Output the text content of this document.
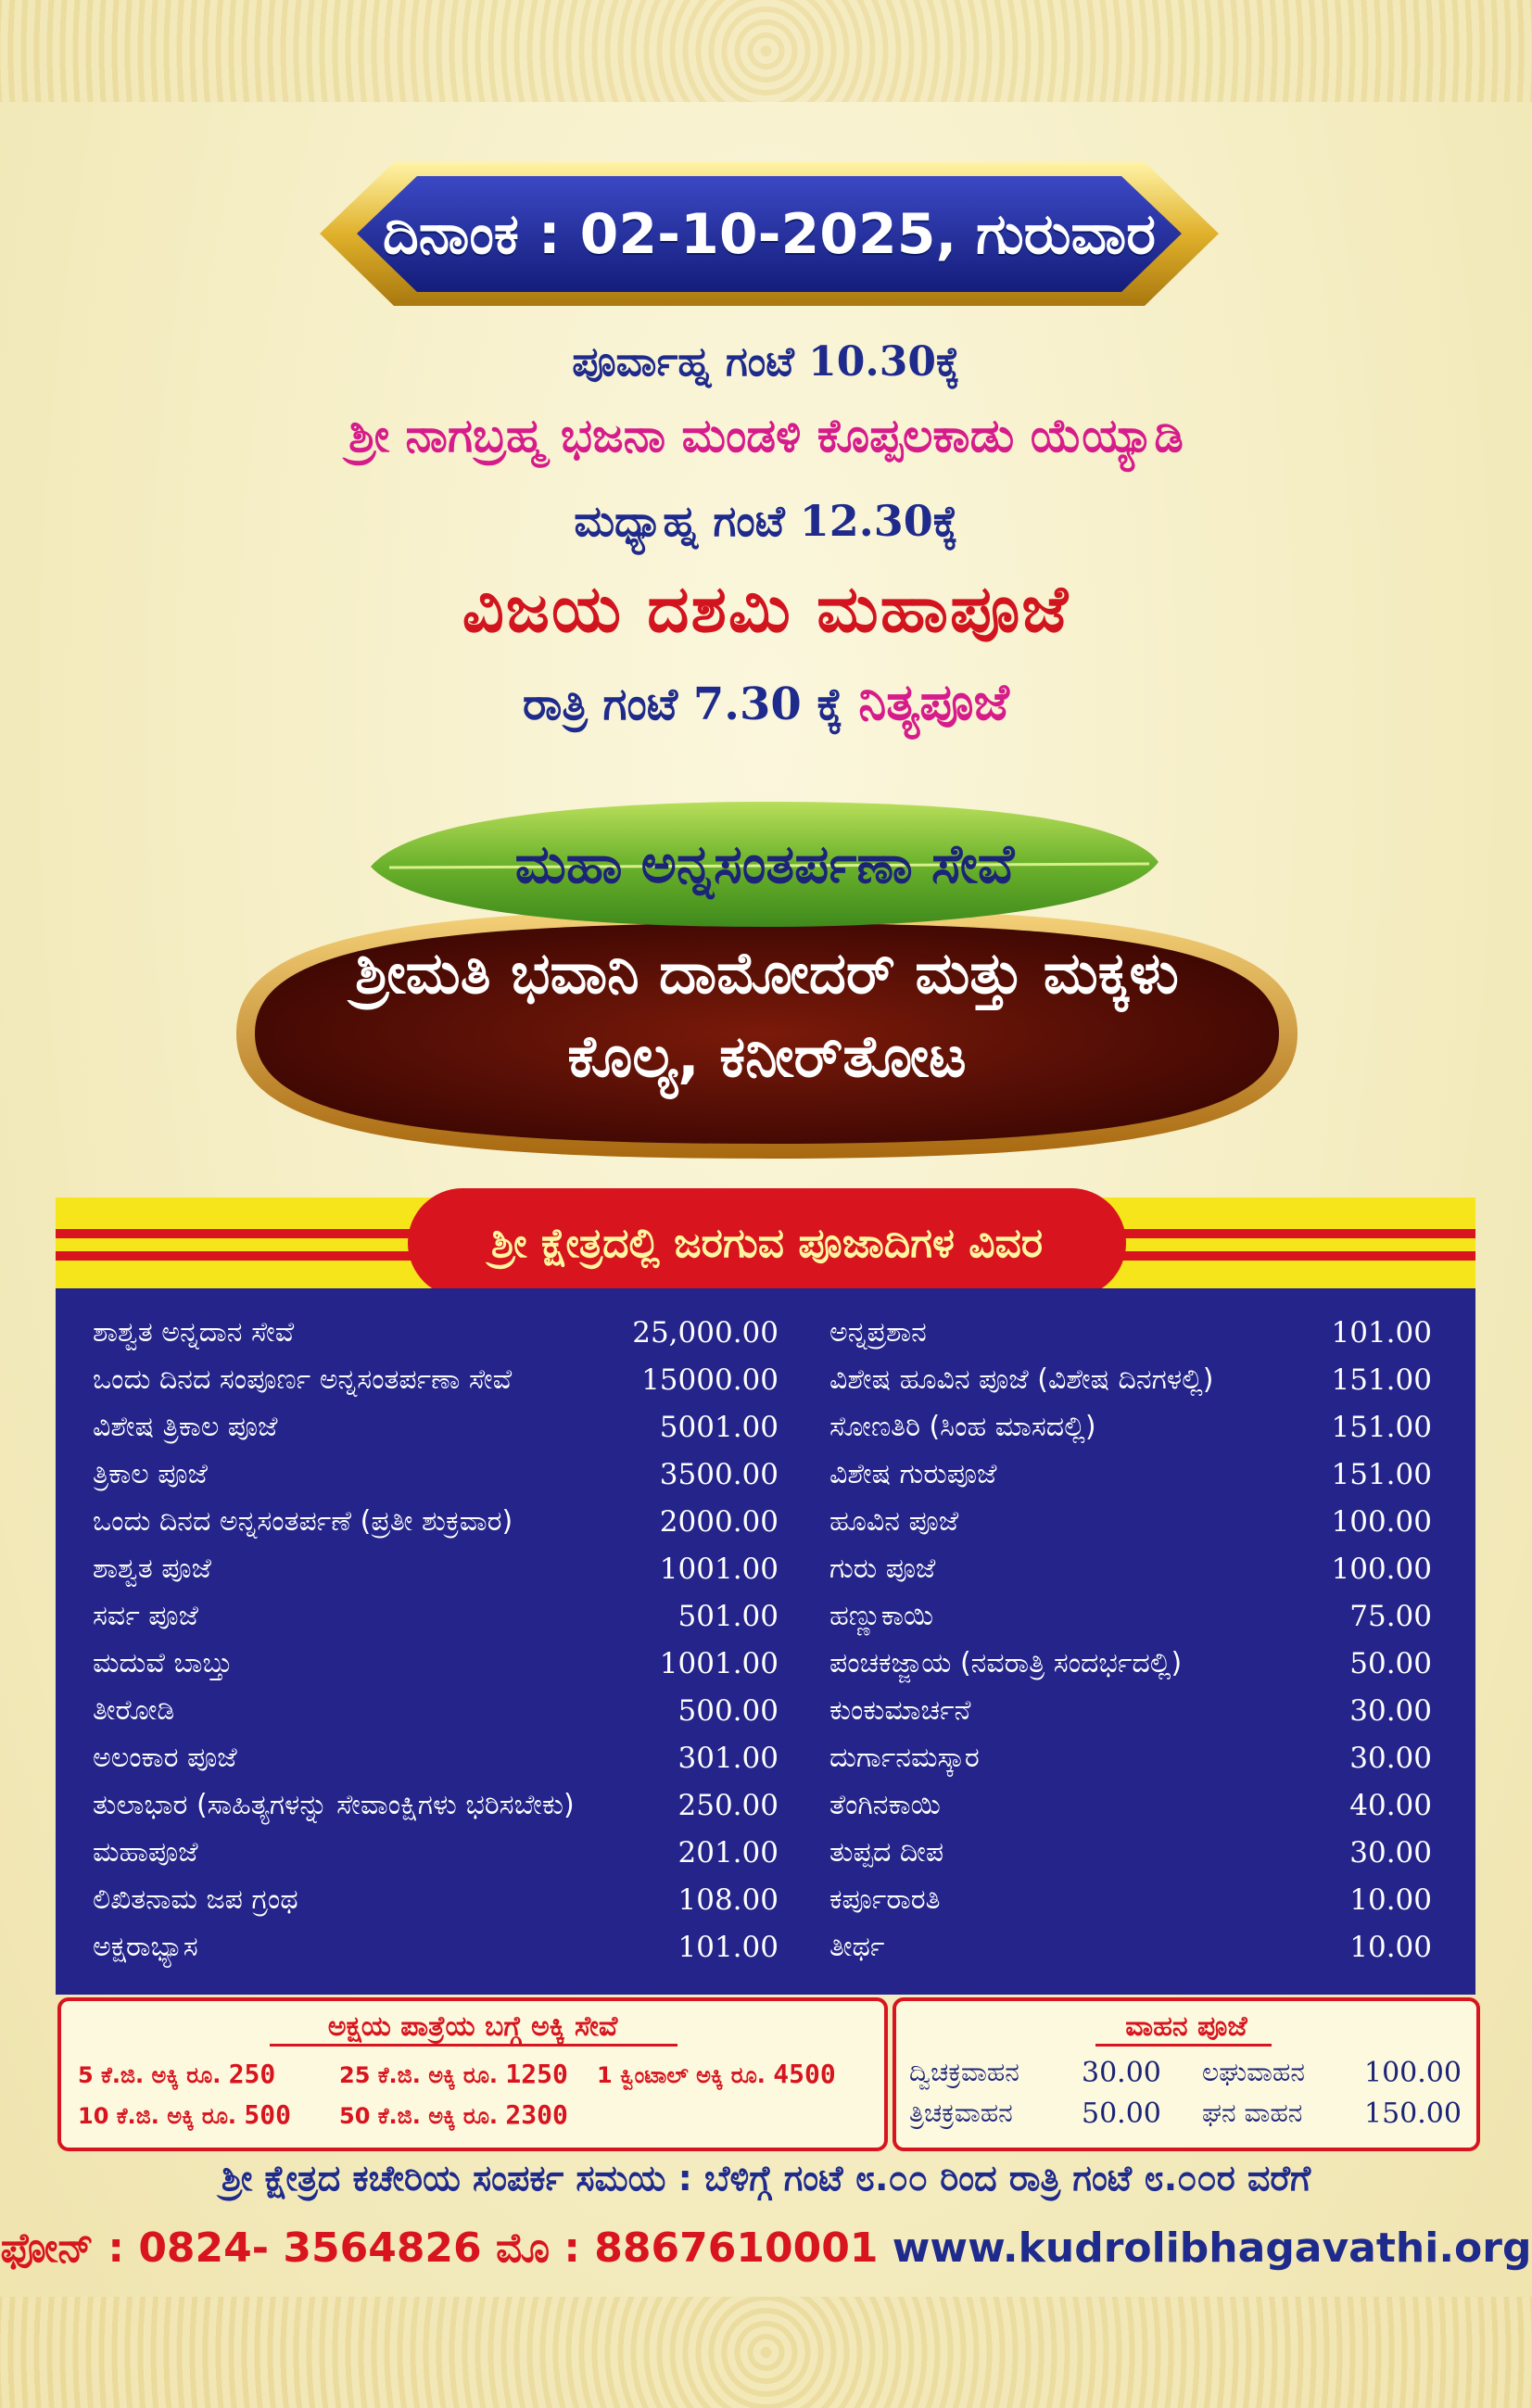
ದಿನಾಂಕ : 02-10-2025, ಗುರುವಾರ
ಪೂರ್ವಾಹ್ನ ಗಂಟೆ 10.30ಕ್ಕೆ
ಶ್ರೀ ನಾಗಬ್ರಹ್ಮ ಭಜನಾ ಮಂಡಳಿ ಕೊಪ್ಪಲಕಾಡು ಯೆಯ್ಯಾಡಿ
ಮಧ್ಯಾಹ್ನ ಗಂಟೆ 12.30ಕ್ಕೆ
ವಿಜಯ ದಶಮಿ ಮಹಾಪೂಜೆ
ರಾತ್ರಿ ಗಂಟೆ 7.30 ಕ್ಕೆ ನಿತ್ಯಪೂಜೆ
ಮಹಾ ಅನ್ನಸಂತರ್ಪಣಾ ಸೇವೆ
ಶ್ರೀಮತಿ ಭವಾನಿ ದಾಮೋದರ್ ಮತ್ತು ಮಕ್ಕಳು
ಕೊಲ್ಯ, ಕನೀರ್‌ತೋಟ
ಶ್ರೀ ಕ್ಷೇತ್ರದಲ್ಲಿ ಜರಗುವ ಪೂಜಾದಿಗಳ ವಿವರ
ಶಾಶ್ವತ ಅನ್ನದಾನ ಸೇವೆ	25,000.00
ಒಂದು ದಿನದ ಸಂಪೂರ್ಣ ಅನ್ನಸಂತರ್ಪಣಾ ಸೇವೆ	15000.00
ವಿಶೇಷ ತ್ರಿಕಾಲ ಪೂಜೆ	5001.00
ತ್ರಿಕಾಲ ಪೂಜೆ	3500.00
ಒಂದು ದಿನದ ಅನ್ನಸಂತರ್ಪಣೆ (ಪ್ರತೀ ಶುಕ್ರವಾರ)	2000.00
ಶಾಶ್ವತ ಪೂಜೆ	1001.00
ಸರ್ವ ಪೂಜೆ	501.00
ಮದುವೆ ಬಾಬ್ತು	1001.00
ತೀರೋಡಿ	500.00
ಅಲಂಕಾರ ಪೂಜೆ	301.00
ತುಲಾಭಾರ (ಸಾಹಿತ್ಯಗಳನ್ನು ಸೇವಾಂಕ್ಷಿಗಳು ಭರಿಸಬೇಕು)	250.00
ಮಹಾಪೂಜೆ	201.00
ಲಿಖಿತನಾಮ ಜಪ ಗ್ರಂಥ	108.00
ಅಕ್ಷರಾಭ್ಯಾಸ	101.00
ಅನ್ನಪ್ರಶಾನ	101.00
ವಿಶೇಷ ಹೂವಿನ ಪೂಜೆ (ವಿಶೇಷ ದಿನಗಳಲ್ಲಿ)	151.00
ಸೋಣತಿರಿ (ಸಿಂಹ ಮಾಸದಲ್ಲಿ)	151.00
ವಿಶೇಷ ಗುರುಪೂಜೆ	151.00
ಹೂವಿನ ಪೂಜೆ	100.00
ಗುರು ಪೂಜೆ	100.00
ಹಣ್ಣುಕಾಯಿ	75.00
ಪಂಚಕಜ್ಜಾಯ (ನವರಾತ್ರಿ ಸಂದರ್ಭದಲ್ಲಿ)	50.00
ಕುಂಕುಮಾರ್ಚನೆ	30.00
ದುರ್ಗಾನಮಸ್ಕಾರ	30.00
ತೆಂಗಿನಕಾಯಿ	40.00
ತುಪ್ಪದ ದೀಪ	30.00
ಕರ್ಪೂರಾರತಿ	10.00
ತೀರ್ಥ	10.00
ಅಕ್ಷಯ ಪಾತ್ರೆಯ ಬಗ್ಗೆ ಅಕ್ಕಿ ಸೇವೆ
5 ಕೆ.ಜಿ. ಅಕ್ಕಿ ರೂ. 250	25 ಕೆ.ಜಿ. ಅಕ್ಕಿ ರೂ. 1250 1 ಕ್ವಿಂಟಾಲ್ ಅಕ್ಕಿ ರೂ. 4500
10 ಕೆ.ಜಿ. ಅಕ್ಕಿ ರೂ. 500 50 ಕೆ.ಜಿ. ಅಕ್ಕಿ ರೂ. 2300
ವಾಹನ ಪೂಜೆ
ದ್ವಿಚಕ್ರವಾಹನ 30.00 ಲಘುವಾಹನ 100.00
ತ್ರಿಚಕ್ರವಾಹನ 50.00 ಘನ ವಾಹನ 150.00
ಶ್ರೀ ಕ್ಷೇತ್ರದ ಕಚೇರಿಯ ಸಂಪರ್ಕ ಸಮಯ : ಬೆಳಿಗ್ಗೆ ಗಂಟೆ ೮.೦೦ ರಿಂದ ರಾತ್ರಿ ಗಂಟೆ ೮.೦೦ರ ವರೆಗೆ
ಫೋನ್ : 0824- 3564826 ಮೊ : 8867610001 www.kudrolibhagavathi.org
